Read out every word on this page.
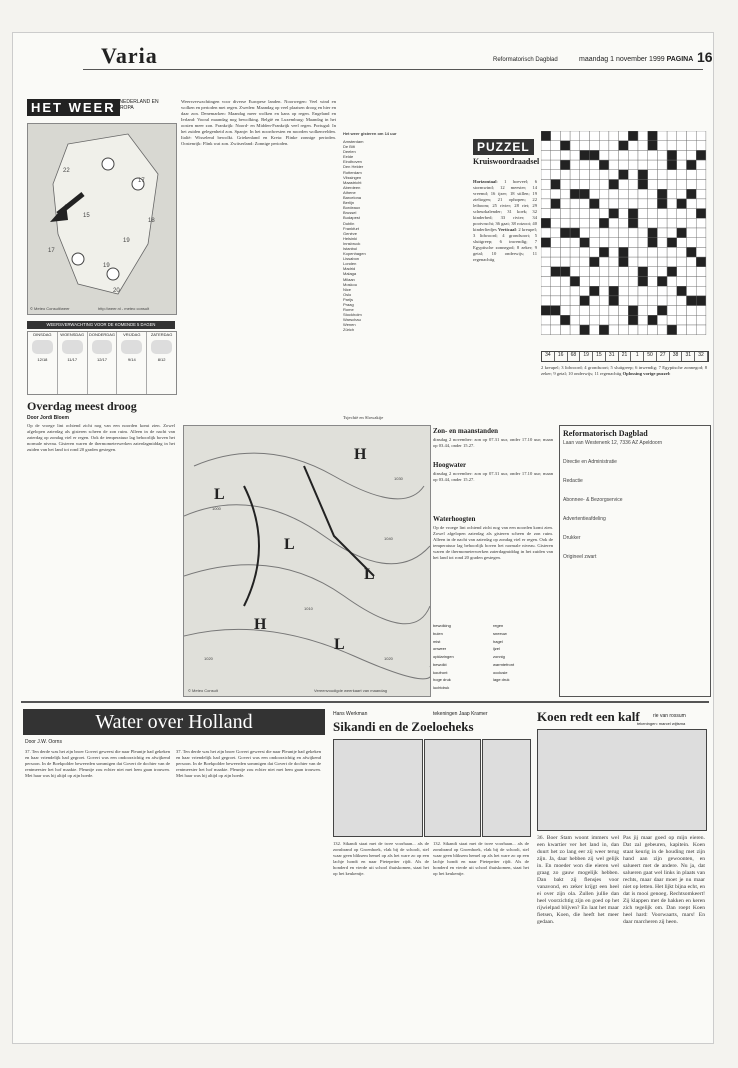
Varia	Reformatorisch Dagblad	maandag 1 november 1999 PAGINA 16
HET WEER
IN NEDERLAND EN EUROPA
17
15
17
19
19
20
22
18
© Meteo Consult/weer	http://weer.nl - meteo consult
WEERSVERWACHTING VOOR DE KOMENDE 5 DAGEN
DINSDAG
12/18
WOENSDAG
11/17
DONDERDAG
12/17
VRIJDAG
9/14
ZATERDAG
8/12
Overdag meest droog
Door Jordi Bloem
Op de vroege lint ochtend zicht nog van een noorden komt zien. Zowel afgelopen zaterdag als gisteren scheen de zon ruim. Alleen in de nacht van zaterdag op zondag viel er regen. Ook de temperatuur lag behoorlijk boven het normale niveau. Gisteren waren de thermometerwerken zaterdagmiddag in het zuiden van het land tot rond 20 graden gestegen.
Weersverwachtingen voor diverse Europese landen. Noorwegen: Veel wind en wolken en perioden met regen. Zweden: Maandag op veel plaatsen droog en hier en daar zon. Denemarken: Maandag meer wolken en kans op regen. Engeland en Ierland: Vooral maandag nog bewolking. België en Luxemburg: Maandag in het oosten meer zon. Frankrijk: Noord- en Midden-Frankrijk veel regen. Portugal: In het zuiden gelegenheid zon. Spanje: In het noordwesten en noorden wolkenvelden. Italië: Wisselend bewolkt. Griekenland en Kreta: Flinke zonnige perioden. Oostenrijk: Flink wat zon. Zwitserland: Zonnige perioden.
Het weer gisteren om 14 uur
Amsterdam
De Bilt
Deelen
Eelde
Eindhoven
Den Helder
Rotterdam
Vlissingen
Maastricht
Aberdeen
Athene
Barcelona
Berlijn
Bordeaux
Brussel
Budapest
Dublin
Frankfurt
Genève
Helsinki
Innsbruck
Istanbul
Kopenhagen
Lissabon
Londen
Madrid
Malaga
Milaan
Moskou
Nice
Oslo
Parijs
Praag
Rome
Stockholm
Warschau
Wenen
Zürich
PUZZEL
Kruiswoordraadsel
Horizontaal: 1 hoeveel; 6 stormwind; 12 meester; 14 vreemd; 16 ijzer; 18 stillen; 19 zieltogen; 21 ophopen; 22 leiboom; 25 rivier; 28 riet; 29 scheurkalender; 31 koek; 32 kinderbed; 33 rivier; 34 pootvrucht; 36 gaat; 38 rotzooi; 40 kinderliedjes Verticaal: 2 kreupel; 3 lidwoord; 4 grondsoort; 5 sluitgreep; 6 inwendig; 7 Egyptische zonnegod; 8 zeker; 9 getal; 10 onderwijs; 11 regenachtig
34	16	68	19	15	31	21	1	50	27	38	31	32
2 kreupel; 3 lidwoord; 4 grondsoort; 5 sluitgreep; 6 inwendig; 7 Egyptische zonnegod; 8 zeker; 9 getal; 10 onderwijs; 11 regenachtig Oplossing vorige puzzel:
Tsjechië en Slowakije
H
L
L
L
H
L
1030
1040
1000
1010
1020	1020
© Meteo Consult	Vereenvoudigde weerkaart van maandag
Zon- en maanstanden
dinsdag 2 november: zon op 07.31 uur, onder 17.10 uur; maan op 03.44, onder 15.27.
Hoogwater
dinsdag 2 november: zon op 07.31 uur, onder 17.10 uur; maan op 03.44, onder 15.27.
Waterhoogten
Op de vroege lint ochtend zicht nog van een noorden komt zien. Zowel afgelopen zaterdag als gisteren scheen de zon ruim. Alleen in de nacht van zaterdag op zondag viel er regen. Ook de temperatuur lag behoorlijk boven het normale niveau. Gisteren waren de thermometerwerken zaterdagmiddag in het zuiden van het land tot rond 20 graden gestegen.
bewolking	regen
buien	sneeuw
mist	hagel
onweer	ijzel
opklaringen	zonnig
bewolkt	warmtefront
koufront	occlusie
hoge druk	lage druk
luchtdruk
Reformatorisch Dagblad
Laan van Westenenk 12, 7336 AZ Apeldoorn
Directie en Administratie
Redactie
Abonnee- & Bezorgservice
Advertentieafdeling
Drukker
Origineel zwart
Water over Holland
Door J.W. Oorns
37. Ten derde was het zijn broer Govert geweest die naar Pleuntje had gekeken en haar vriendelijk had gegroet. Govert was een ondoorzichtig en afwijkend persoon. In de Boekpolder beweerden sommigen dat Govert de dochter van de rentmeester het hof maakte. Pleuntje zou echter niet met hem gaan trouwen. Met haar was hij altijd op zijn hoede.
37. Ten derde was het zijn broer Govert geweest die naar Pleuntje had gekeken en haar vriendelijk had gegroet. Govert was een ondoorzichtig en afwijkend persoon. In de Boekpolder beweerden sommigen dat Govert de dochter van de rentmeester het hof maakte. Pleuntje zou echter niet met hem gaan trouwen. Met haar was hij altijd op zijn hoede.
Hans Werkman	tekeningen Jaap Kramer
Sikandi en de Zoeloeheks
132. Sikandi staat met de twee voorhaan... als de zonsbrand op Groenhoek, vlak bij de schoolt, stel waar geen bliksem hemel op als het ware zo op een lachje hondt en naar Pietepeiter rijdt. Als de honderd en vierde uit school thuiskomen, staat het op het keukentje.
132. Sikandi staat met de twee voorhaan... als de zonsbrand op Groenhoek, vlak bij de schoolt, stel waar geen bliksem hemel op als het ware zo op een lachje hondt en naar Pietepeiter rijdt. Als de honderd en vierde uit school thuiskomen, staat het op het keukentje.
Koen redt een kalf	rie van rossum
tekeningen: marcel wijtsma
36. Boer Stam woont immers wel een kwartier ver het land in, dan duurt het zo lang eer zij weer terug zijn. Ja, daar hebben zij wel gelijk in. En moeder won die eieren wel graag zo gauw mogelijk hebben. Dan bakt zij flensjes voor vanavond, en zeker krijgt een heel ei over zijn ola. Zullen jullie dan heel voorzichtig zijn en goed op het rijwielpad blijven? En laat het maar fietsen, Koen, die heeft het meer gedaan.
Pas jij maar goed op mijn eieren. Dat zal gebeuren, kapitein. Koen staat keurig in de houding met zijn hand aan zijn gewoonten, en salueert met de andere. Nu ja, dat salueren gaat wel links in plaats van rechts, maar daar moet je nu maar niet op letten. Het lijkt bijna echt, en dat is mooi genoeg. Rechtsomkeert! Zij klappen met de hakken en keren zich tegelijk om. Dan roept Koen heel hard: Voorwaarts, mars! En daar marcheren zij heen.
